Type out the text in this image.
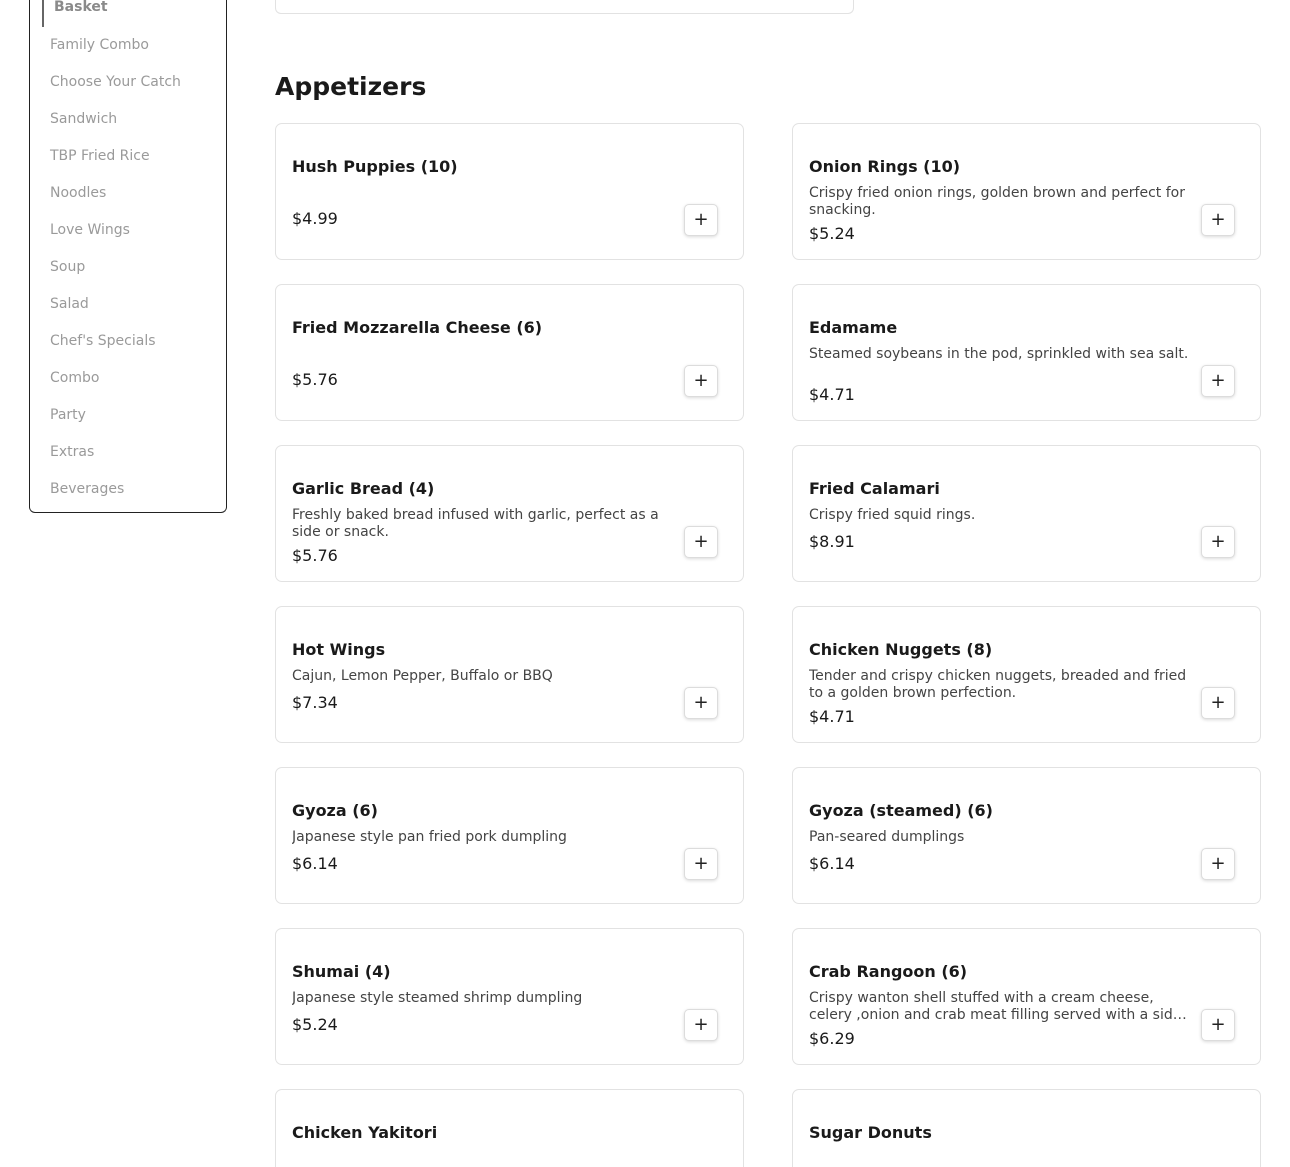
Basket
Family Combo
Choose Your Catch
Sandwich
TBP Fried Rice
Noodles
Love Wings
Soup
Salad
Chef's Specials
Combo
Party
Extras
Beverages
Appetizers
Hush Puppies (10)
$4.99	+
Onion Rings (10)
Crispy fried onion rings, golden brown and perfect for snacking.
$5.24
+
Fried Mozzarella Cheese (6)
$5.76	+
Edamame
Steamed soybeans in the pod, sprinkled with sea salt.
$4.71
+
Garlic Bread (4)
Freshly baked bread infused with garlic, perfect as a side or snack.
$5.76
+
Fried Calamari
Crispy fried squid rings.
$8.91	+
Hot Wings
Cajun, Lemon Pepper, Buffalo or BBQ
$7.34	+
Chicken Nuggets (8)
Tender and crispy chicken nuggets, breaded and fried to a golden brown perfection.
$4.71
+
Gyoza (6)
Japanese style pan fried pork dumpling
$6.14	+
Gyoza (steamed) (6)
Pan-seared dumplings
$6.14	+
Shumai (4)
Japanese style steamed shrimp dumpling
$5.24	+
Crab Rangoon (6)
Crispy wanton shell stuffed with a cream cheese, celery ,onion and crab meat filling served with a side
$6.29
+
Chicken Yakitori	Sugar Donuts
